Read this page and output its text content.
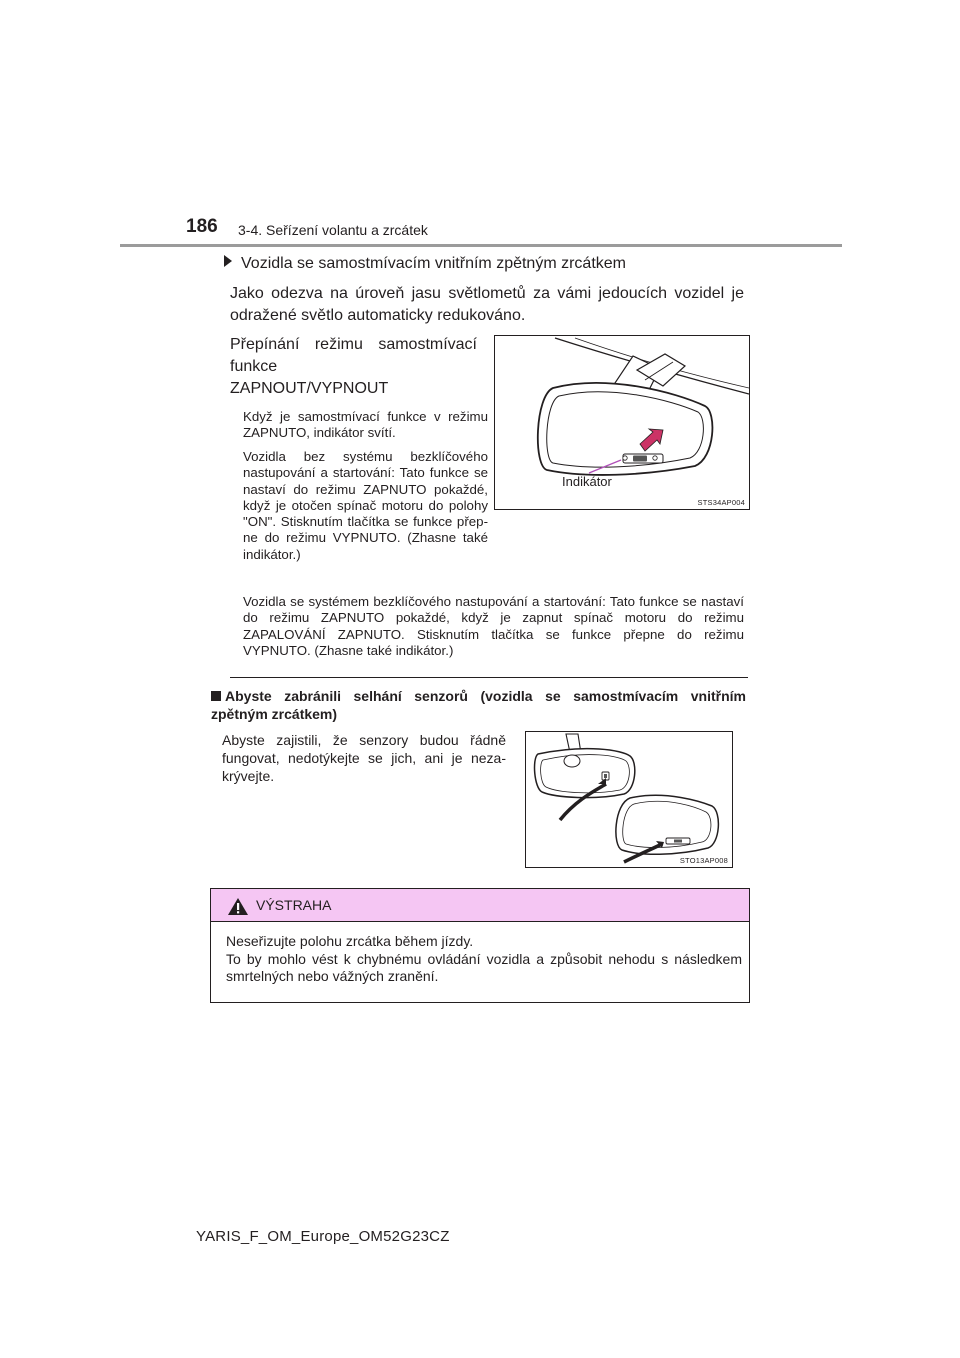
186 3-4. Seřízení volantu a zrcátek
Vozidla se samostmívacím vnitřním zpětným zrcátkem
Jako odezva na úroveň jasu světlometů za vámi jedoucích vozidel je odražené světlo automaticky redukováno.
Přepínání režimu samostmívací funkce
ZAPNOUT/VYPNOUT
Když je samostmívací funkce v režimu ZAPNUTO, indikátor svítí.
Vozidla bez systému bezklíčového nastupování a startování: Tato funkce se nastaví do režimu ZAPNUTO pokaždé, když je otočen spínač motoru do polohy "ON". Stisknutím tlačítka se funkce přepne do režimu VYPNUTO. (Zhasne také indikátor.)
Vozidla se systémem bezklíčového nastupování a startování: Tato funkce se nastaví do režimu ZAPNUTO pokaždé, když je zapnut spínač motoru do režimu ZAPALOVÁNÍ ZAPNUTO. Stisknutím tlačítka se funkce přepne do režimu VYPNUTO. (Zhasne také indikátor.)
Indikátor
STS34AP004
Abyste zabránili selhání senzorů (vozidla se samostmívacím vnitřním zpětným zrcátkem)
Abyste zajistili, že senzory budou řádně fungovat, nedotýkejte se jich, ani je nezakrývejte.
STO13AP008
VÝSTRAHA
Neseřizujte polohu zrcátka během jízdy.
To by mohlo vést k chybnému ovládání vozidla a způsobit nehodu s následkem smrtelných nebo vážných zranění.
YARIS_F_OM_Europe_OM52G23CZ
